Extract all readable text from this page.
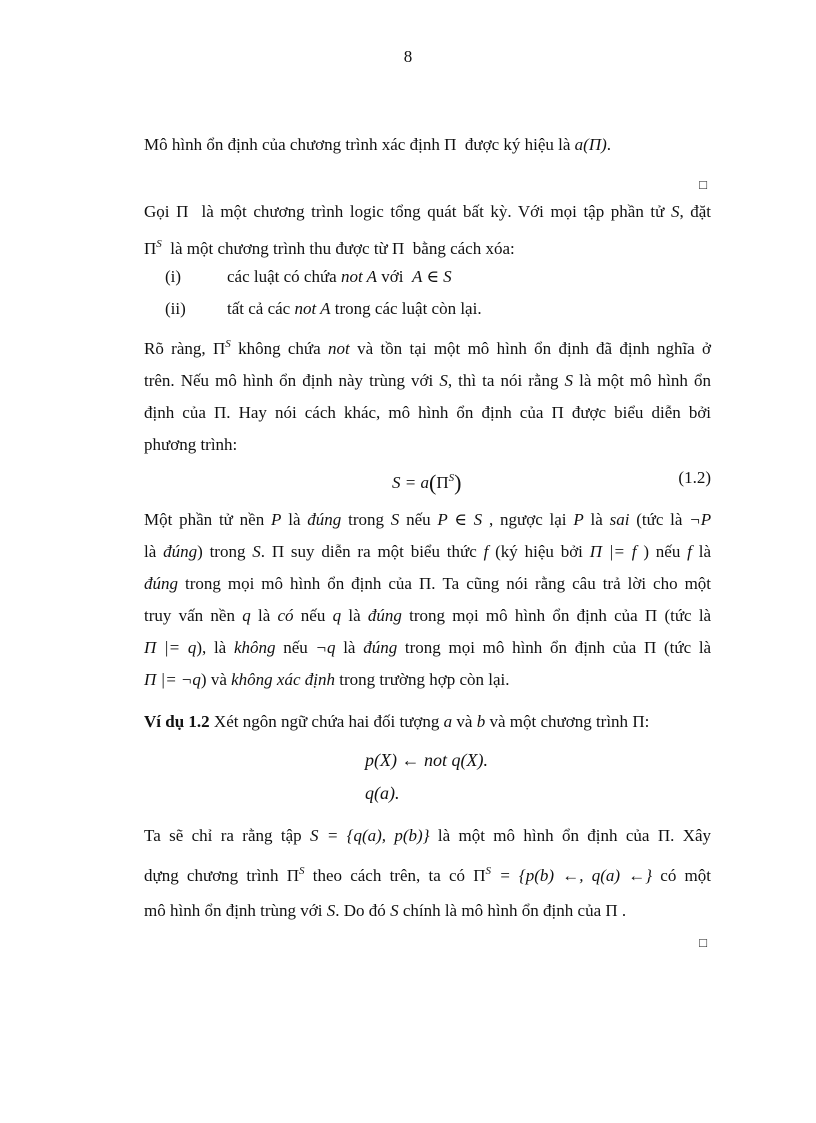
8
Mô hình ổn định của chương trình xác định Π được ký hiệu là a(Π).
□
Gọi Π là một chương trình logic tổng quát bất kỳ. Với mọi tập phần tử S, đặt
$\Pi^S$ là một chương trình thu được từ Π bằng cách xóa:
(i)	các luật có chứa not A với A ∈ S
(ii) tất cả các not A trong các luật còn lại.
Rõ ràng, $\Pi^S$ không chứa not và tồn tại một mô hình ổn định đã định nghĩa ở
trên. Nếu mô hình ổn định này trùng với S, thì ta nói rằng S là một mô hình ổn
định của Π. Hay nói cách khác, mô hình ổn định của Π được biểu diễn bởi
phương trình:
$S = a(\Pi^S)$	(1.2)
Một phần tử nền P là đúng trong S nếu P ∈ S , ngược lại P là sai (tức là ¬P
là đúng) trong S. Π suy diễn ra một biểu thức f (ký hiệu bởi Π |= f ) nếu f là
đúng trong mọi mô hình ổn định của Π. Ta cũng nói rằng câu trả lời cho một
truy vấn nền q là có nếu q là đúng trong mọi mô hình ổn định của Π (tức là
Π |= q), là không nếu ¬q là đúng trong mọi mô hình ổn định của Π (tức là
Π |= ¬q) và không xác định trong trường hợp còn lại.
Ví dụ 1.2 Xét ngôn ngữ chứa hai đối tượng a và b và một chương trình Π:
p(X) ← not q(X).
q(a).
Ta sẽ chỉ ra rằng tập S = {q(a), p(b)} là một mô hình ổn định của Π. Xây
dựng chương trình $\Pi^S$ theo cách trên, ta có $\Pi^S = \{p(b)$ ←, q(a) ←} có một
mô hình ổn định trùng với S. Do đó S chính là mô hình ổn định của Π .
□
